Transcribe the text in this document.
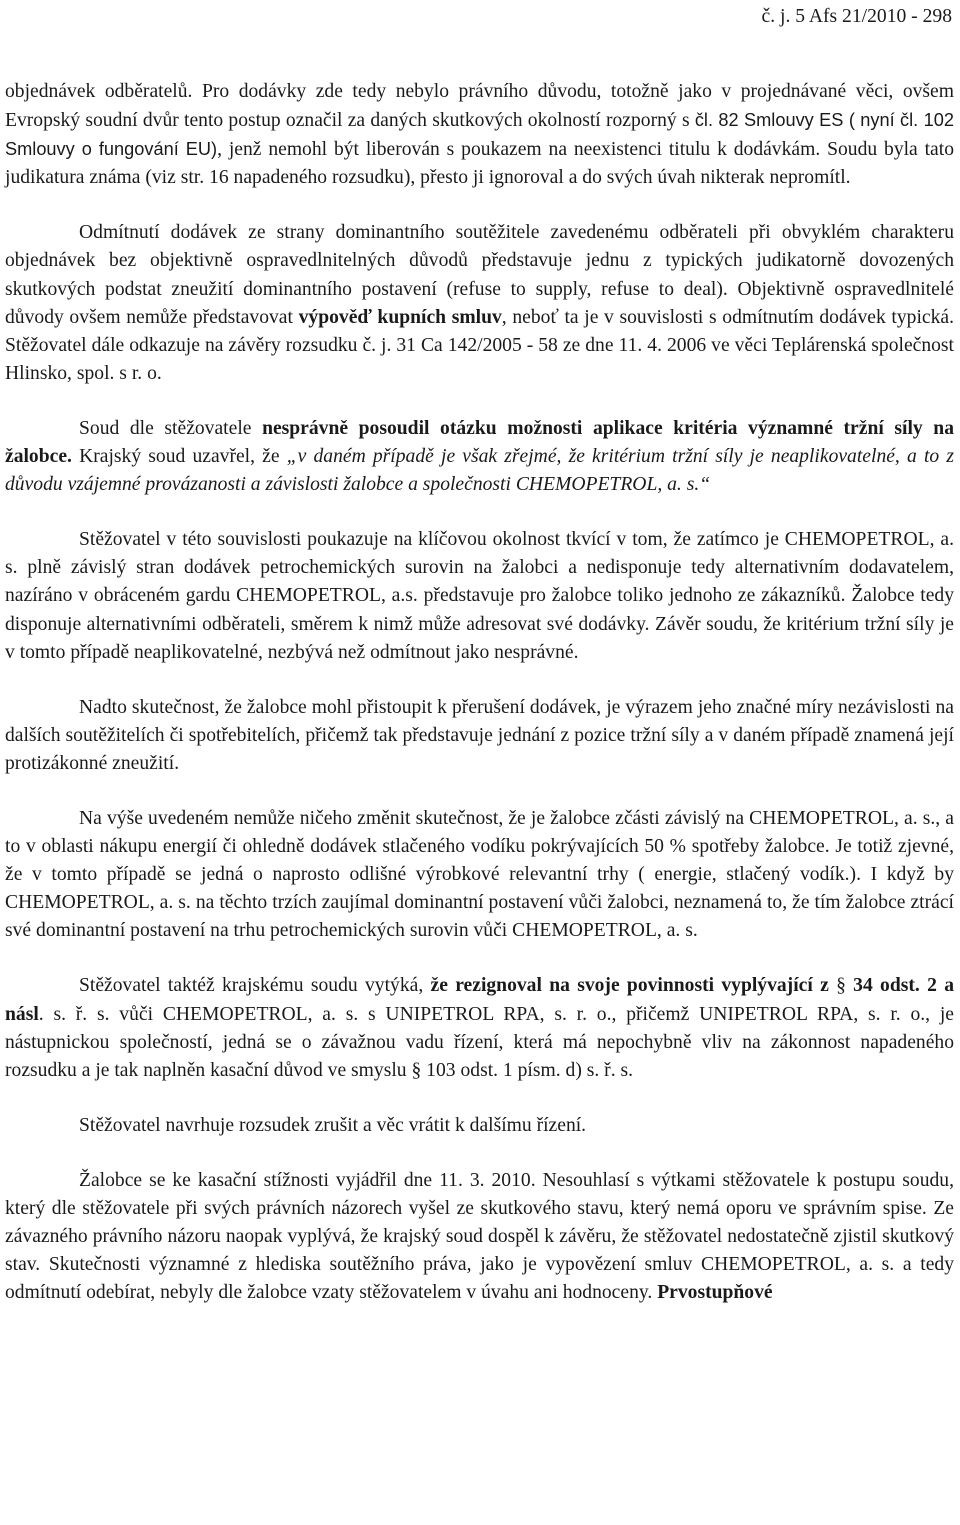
č. j. 5 Afs 21/2010 - 298

objednávek odběratelů. Pro dodávky zde tedy nebylo právního důvodu, totožně jako v projednávané věci, ovšem Evropský soudní dvůr tento postup označil za daných skutkových okolností rozporný s čl. 82 Smlouvy ES ( nyní čl. 102 Smlouvy o fungování EU), jenž nemohl být liberován s poukazem na neexistenci titulu k dodávkám. Soudu byla tato judikatura známa (viz str. 16 napadeného rozsudku), přesto ji ignoroval a do svých úvah nikterak nepromítl.

Odmítnutí dodávek ze strany dominantního soutěžitele zavedenému odběrateli při obvyklém charakteru objednávek bez objektivně ospravedlnitelných důvodů představuje jednu z typických judikatorně dovozených skutkových podstat zneužití dominantního postavení (refuse to supply, refuse to deal). Objektivně ospravedlnitelé důvody ovšem nemůže představovat výpověď kupních smluv, neboť ta je v souvislosti s odmítnutím dodávek typická. Stěžovatel dále odkazuje na závěry rozsudku č. j. 31 Ca 142/2005 - 58 ze dne 11. 4. 2006 ve věci Teplárenská společnost Hlinsko, spol. s r. o.

Soud dle stěžovatele nesprávně posoudil otázku možnosti aplikace kritéria významné tržní síly na žalobce. Krajský soud uzavřel, že „v daném případě je však zřejmé, že kritérium tržní síly je neaplikovatelné, a to z důvodu vzájemné provázanosti a závislosti žalobce a společnosti CHEMOPETROL, a. s.“

Stěžovatel v této souvislosti poukazuje na klíčovou okolnost tkvící v tom, že zatímco je CHEMOPETROL, a. s. plně závislý stran dodávek petrochemických surovin na žalobci a nedisponuje tedy alternativním dodavatelem, nazíráno v obráceném gardu CHEMOPETROL, a.s. představuje pro žalobce toliko jednoho ze zákazníků. Žalobce tedy disponuje alternativními odběrateli, směrem k nimž může adresovat své dodávky. Závěr soudu, že kritérium tržní síly je v tomto případě neaplikovatelné, nezbývá než odmítnout jako nesprávné.

Nadto skutečnost, že žalobce mohl přistoupit k přerušení dodávek, je výrazem jeho značné míry nezávislosti na dalších soutěžitelích či spotřebitelích, přičemž tak představuje jednání z pozice tržní síly a v daném případě znamená její protizákonné zneužití.

Na výše uvedeném nemůže ničeho změnit skutečnost, že je žalobce zčásti závislý na CHEMOPETROL, a. s., a to v oblasti nákupu energií či ohledně dodávek stlačeného vodíku pokrývajících 50 % spotřeby žalobce. Je totiž zjevné, že v tomto případě se jedná o naprosto odlišné výrobkové relevantní trhy ( energie, stlačený vodík.). I když by CHEMOPETROL, a. s. na těchto trzích zaujímal dominantní postavení vůči žalobci, neznamená to, že tím žalobce ztrácí své dominantní postavení na trhu petrochemických surovin vůči CHEMOPETROL, a. s.

Stěžovatel taktéž krajskému soudu vytýká, že rezignoval na svoje povinnosti vyplývající z § 34 odst. 2 a násl. s. ř. s. vůči CHEMOPETROL, a. s. s UNIPETROL RPA, s. r. o., přičemž UNIPETROL RPA, s. r. o., je nástupnickou společností, jedná se o závažnou vadu řízení, která má nepochybně vliv na zákonnost napadeného rozsudku a je tak naplněn kasační důvod ve smyslu § 103 odst. 1 písm. d) s. ř. s.

Stěžovatel navrhuje rozsudek zrušit a věc vrátit k dalšímu řízení.

Žalobce se ke kasační stížnosti vyjádřil dne 11. 3. 2010. Nesouhlasí s výtkami stěžovatele k postupu soudu, který dle stěžovatele při svých právních názorech vyšel ze skutkového stavu, který nemá oporu ve správním spise. Ze závazného právního názoru naopak vyplývá, že krajský soud dospěl k závěru, že stěžovatel nedostatečně zjistil skutkový stav. Skutečnosti významné z hlediska soutěžního práva, jako je vypovězení smluv CHEMOPETROL, a. s. a tedy odmítnutí odebírat, nebyly dle žalobce vzaty stěžovatelem v úvahu ani hodnoceny. Prvostupňové
